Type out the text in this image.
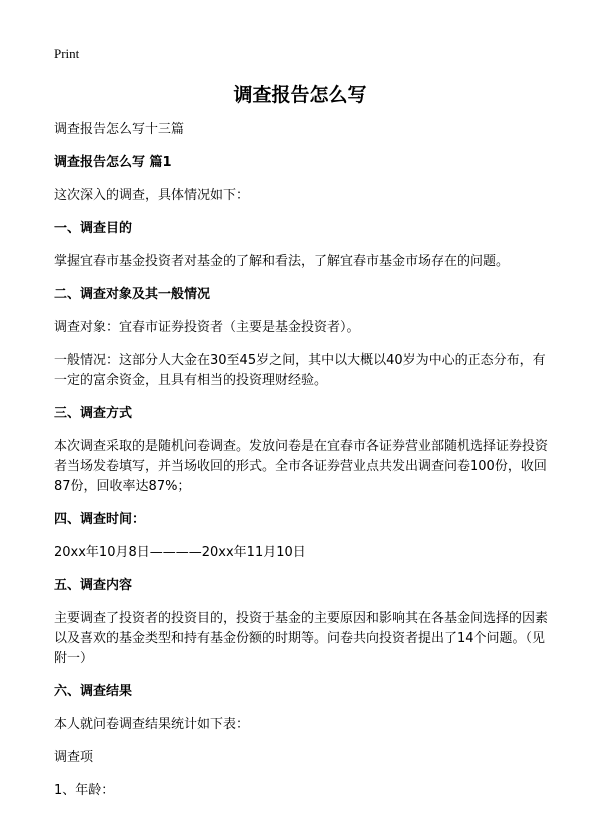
Print
调查报告怎么写

调查报告怎么写十三篇

调查报告怎么写 篇1

这次深入的调查，具体情况如下：

一、调查目的

掌握宜春市基金投资者对基金的了解和看法，了解宜春市基金市场存在的问题。

二、调查对象及其一般情况

调查对象：宜春市证券投资者（主要是基金投资者）。

一般情况：这部分人大金在30至45岁之间，其中以大概以40岁为中心的正态分布，有一定的富余资金，且具有相当的投资理财经验。

三、调查方式

本次调查采取的是随机问卷调查。发放问卷是在宜春市各证券营业部随机选择证券投资者当场发卷填写，并当场收回的形式。全市各证券营业点共发出调查问卷100份，收回87份，回收率达87%；

四、调查时间：

20xx年10月8日————20xx年11月10日

五、调查内容

主要调查了投资者的投资目的，投资于基金的主要原因和影响其在各基金间选择的因素以及喜欢的基金类型和持有基金份额的时期等。问卷共向投资者提出了14个问题。（见附一）

六、调查结果

本人就问卷调查结果统计如下表：

调查项

1、年龄：
